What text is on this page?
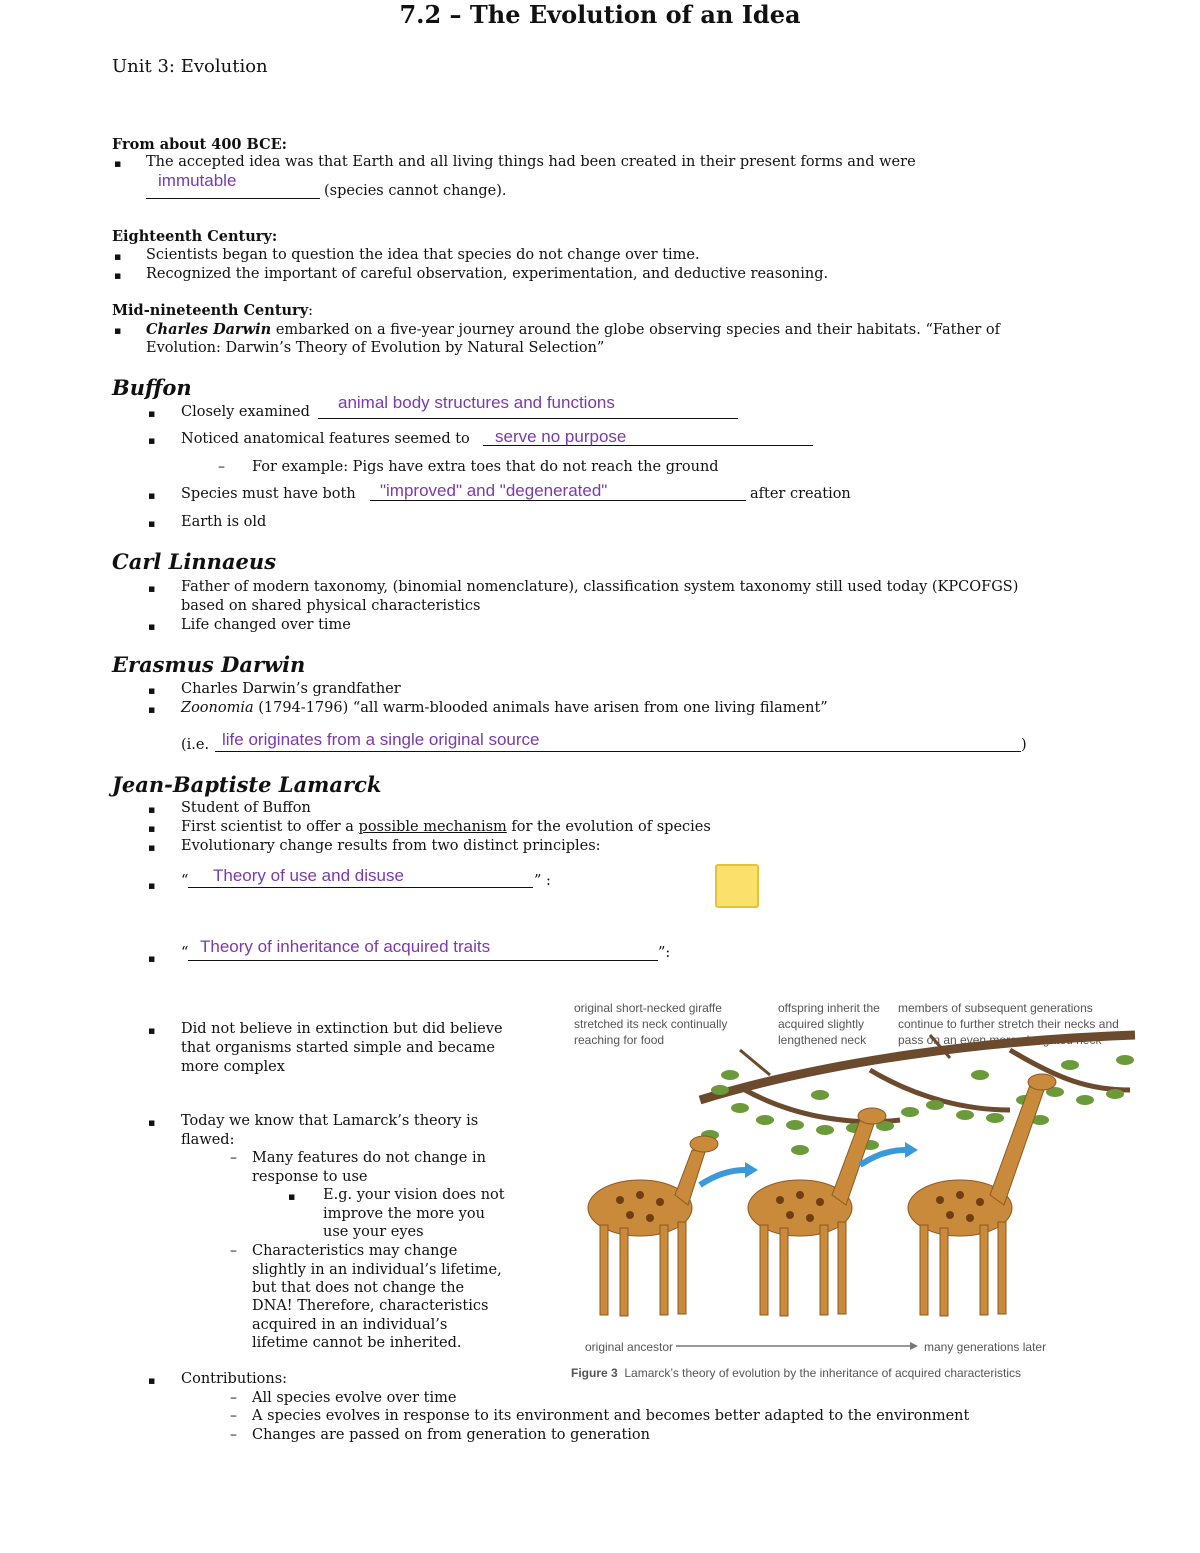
Unit 3: Evolution
7.2 – The Evolution of an Idea
From about 400 BCE:
▪ The accepted idea was that Earth and all living things had been created in their present forms and were
immutable
(species cannot change).
Eighteenth Century:
▪ Scientists began to question the idea that species do not change over time.
▪ Recognized the important of careful observation, experimentation, and deductive reasoning.
Mid-nineteenth Century:
▪ Charles Darwin embarked on a five-year journey around the globe observing species and their habitats. “Father of
Evolution: Darwin’s Theory of Evolution by Natural Selection”
Buffon
▪ Closely examined animal body structures and functions
▪ Noticed anatomical features seemed to serve no purpose
– For example: Pigs have extra toes that do not reach the ground
▪ Species must have both "improved" and "degenerated"	after creation
▪ Earth is old
Carl Linnaeus
▪ Father of modern taxonomy, (binomial nomenclature), classification system taxonomy still used today (KPCOFGS)
based on shared physical characteristics
▪ Life changed over time
Erasmus Darwin
▪ Charles Darwin’s grandfather
▪ Zoonomia (1794-1796) “all warm-blooded animals have arisen from one living filament”
(i.e. life originates from a single original source	)
Jean-Baptiste Lamarck
▪ Student of Buffon
▪ First scientist to offer a possible mechanism for the evolution of species
▪ Evolutionary change results from two distinct principles:
▪ “ Theory of use and disuse	” :
▪ “ Theory of inheritance of acquired traits	”:
▪ Did not believe in extinction but did believe
that organisms started simple and became
more complex
▪ Today we know that Lamarck’s theory is
flawed:
– Many features do not change in
response to use
▪ E.g. your vision does not
improve the more you
use your eyes
– Characteristics may change
slightly in an individual’s lifetime,
but that does not change the
DNA! Therefore, characteristics
acquired in an individual’s
lifetime cannot be inherited.
▪ Contributions:
– All species evolve over time
– A species evolves in response to its environment and becomes better adapted to the environment
– Changes are passed on from generation to generation
original short-necked giraffe stretched its neck continually reaching for food
offspring inherit the acquired slightly lengthened neck
members of subsequent generations continue to further stretch their necks and pass on an even more elongated neck
original ancestor	many generations later
Figure 3 Lamarck’s theory of evolution by the inheritance of acquired characteristics
